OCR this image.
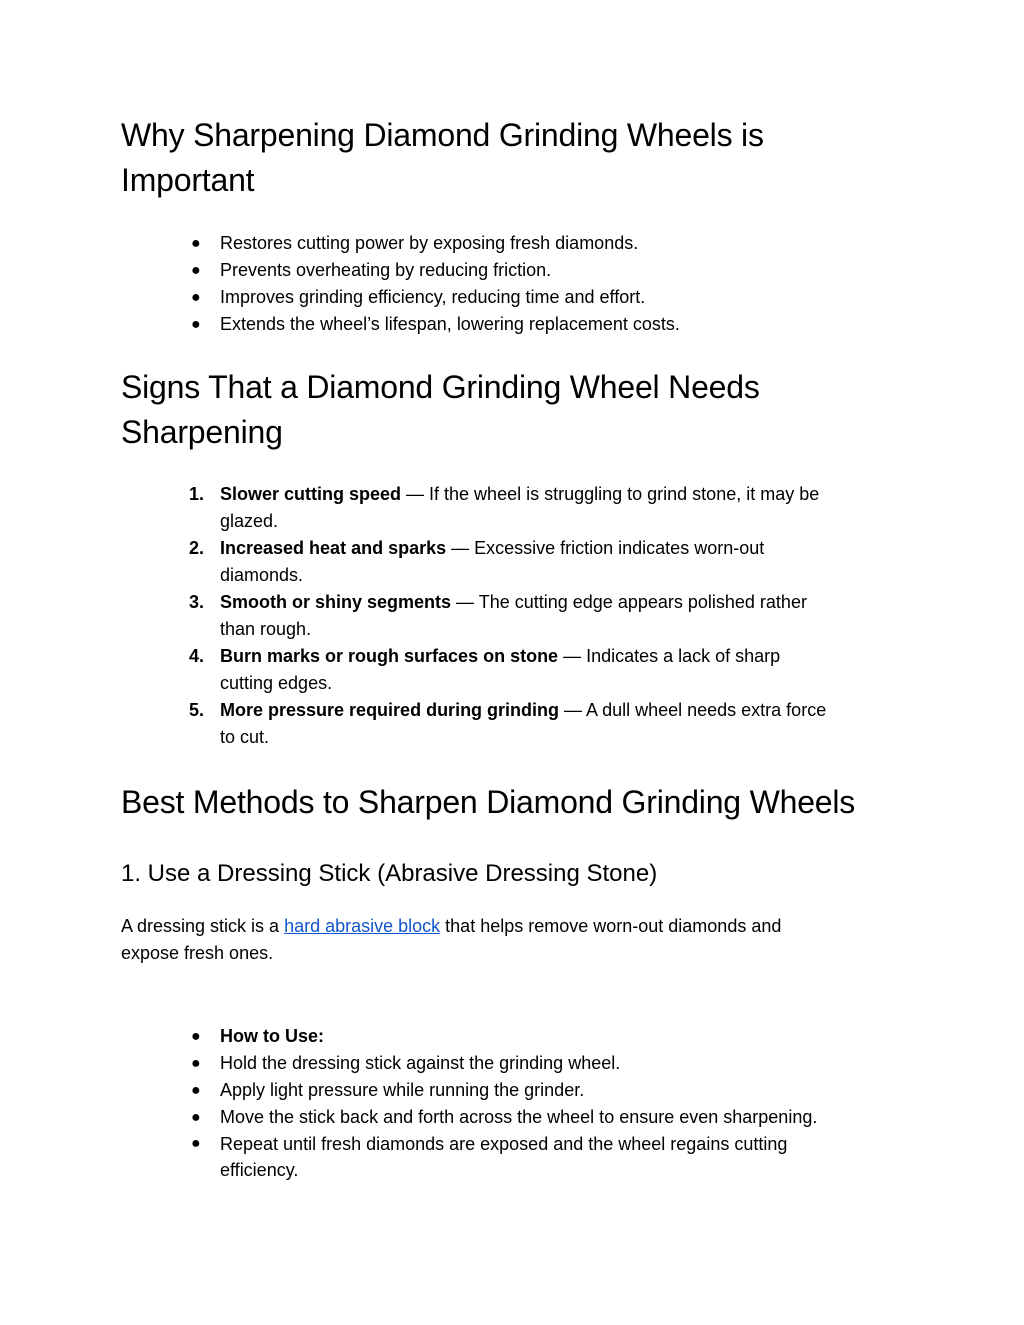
Why Sharpening Diamond Grinding Wheels is
Important
● Restores cutting power by exposing fresh diamonds.
● Prevents overheating by reducing friction.
● Improves grinding efficiency, reducing time and effort.
● Extends the wheel’s lifespan, lowering replacement costs.
Signs That a Diamond Grinding Wheel Needs
Sharpening
1. Slower cutting speed — If the wheel is struggling to grind stone, it may be
glazed.
2. Increased heat and sparks — Excessive friction indicates worn-out
diamonds.
3. Smooth or shiny segments — The cutting edge appears polished rather
than rough.
4. Burn marks or rough surfaces on stone — Indicates a lack of sharp
cutting edges.
5. More pressure required during grinding — A dull wheel needs extra force
to cut.
Best Methods to Sharpen Diamond Grinding Wheels
1. Use a Dressing Stick (Abrasive Dressing Stone)

A dressing stick is a hard abrasive block that helps remove worn-out diamonds and
expose fresh ones.

● How to Use:
● Hold the dressing stick against the grinding wheel.
● Apply light pressure while running the grinder.
● Move the stick back and forth across the wheel to ensure even sharpening.
● Repeat until fresh diamonds are exposed and the wheel regains cutting
efficiency.
